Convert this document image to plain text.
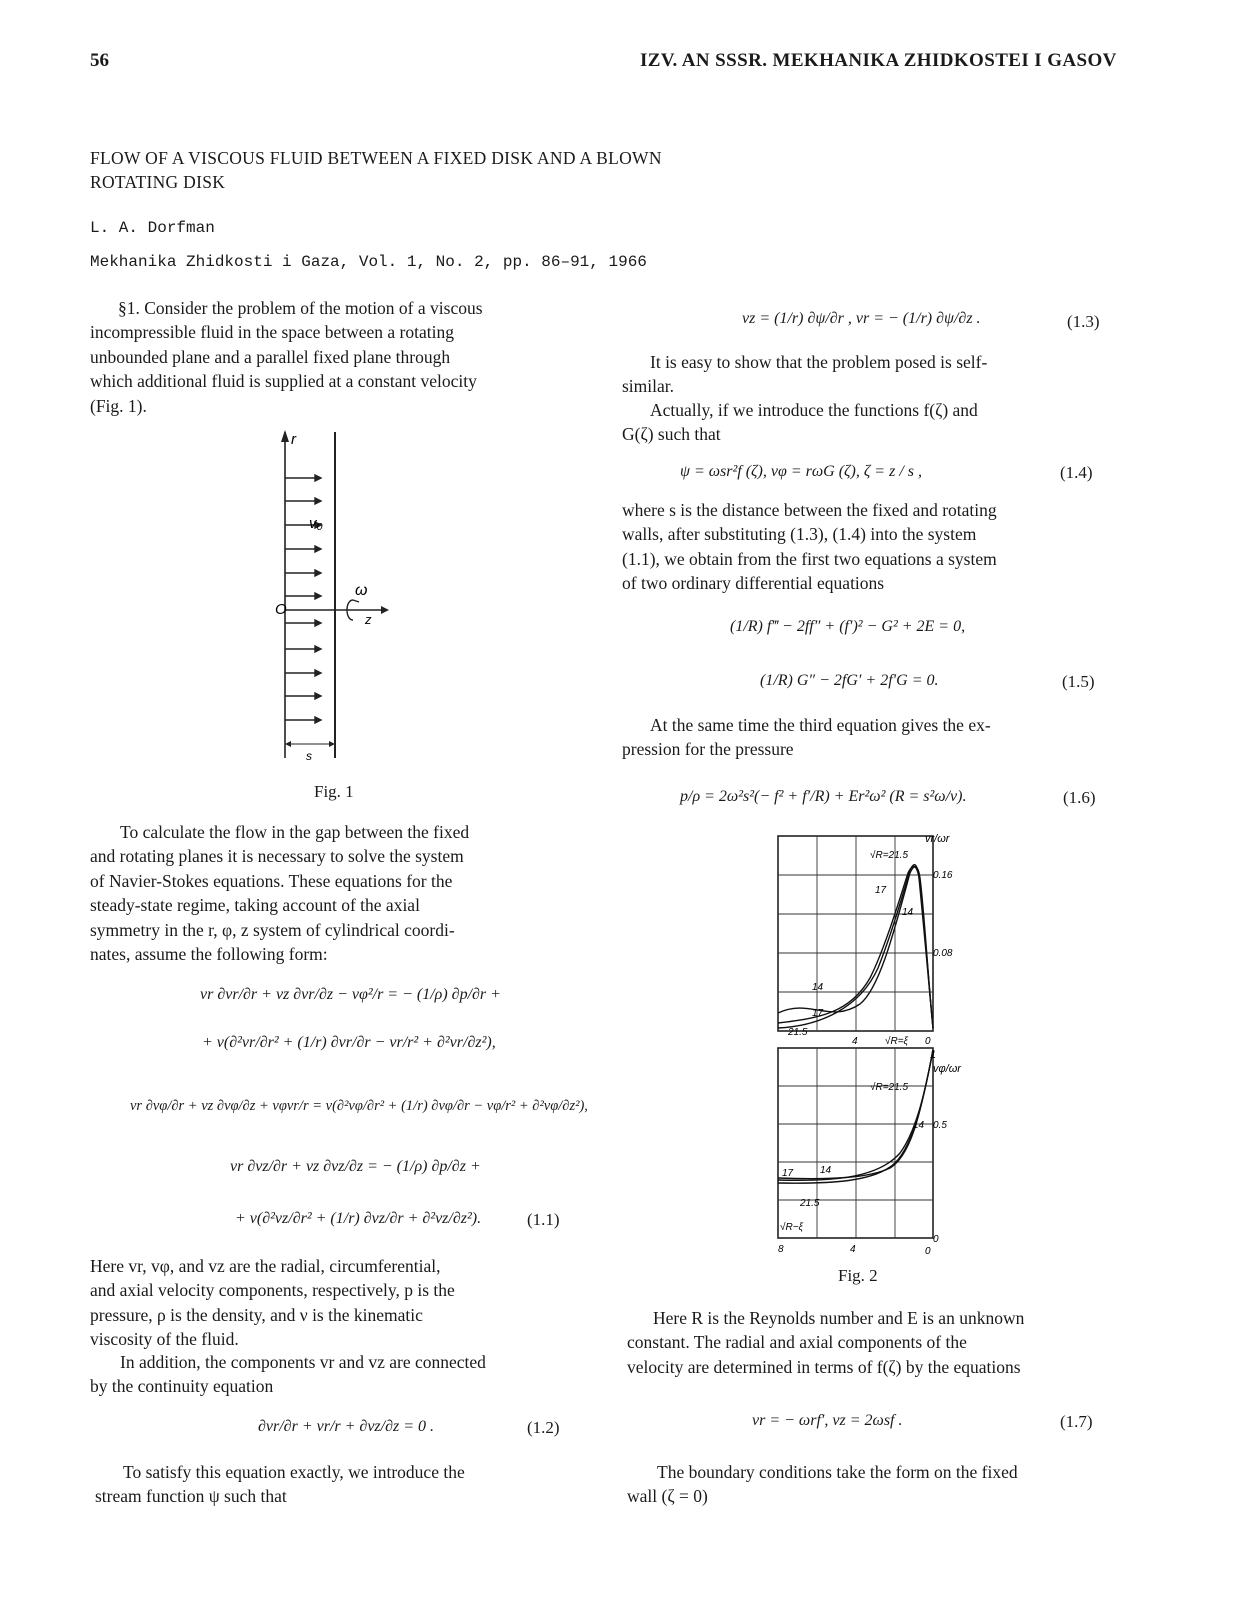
56	IZV. AN SSSR. MEKHANIKA ZHIDKOSTEI I GASOV
FLOW OF A VISCOUS FLUID BETWEEN A FIXED DISK AND A BLOWN
ROTATING DISK
L. A. Dorfman
Mekhanika Zhidkosti i Gaza, Vol. 1, No. 2, pp. 86–91, 1966
§1. Consider the problem of the motion of a viscous
incompressible fluid in the space between a rotating
unbounded plane and a parallel fixed plane through
which additional fluid is supplied at a constant velocity
(Fig. 1).
r
v₀
ω
O
z
s
Fig. 1
To calculate the flow in the gap between the fixed
and rotating planes it is necessary to solve the system
of Navier-Stokes equations. These equations for the
steady-state regime, taking account of the axial
symmetry in the r, φ, z system of cylindrical coordi-
nates, assume the following form:
vr ∂vr/∂r + vz ∂vr/∂z − vφ²/r = − (1/ρ) ∂p/∂r +
+ ν(∂²vr/∂r² + (1/r) ∂vr/∂r − vr/r² + ∂²vr/∂z²),
vr ∂vφ/∂r + vz ∂vφ/∂z + vφvr/r = ν(∂²vφ/∂r² + (1/r) ∂vφ/∂r − vφ/r² + ∂²vφ/∂z²),
vr ∂vz/∂r + vz ∂vz/∂z = − (1/ρ) ∂p/∂z +
+ ν(∂²vz/∂r² + (1/r) ∂vz/∂r + ∂²vz/∂z²).	(1.1)
Here vr, vφ, and vz are the radial, circumferential,
and axial velocity components, respectively, p is the
pressure, ρ is the density, and ν is the kinematic
viscosity of the fluid.
In addition, the components vr and vz are connected
by the continuity equation
∂vr/∂r + vr/r + ∂vz/∂z = 0 .	(1.2)
To satisfy this equation exactly, we introduce the
stream function ψ such that
vz = (1/r) ∂ψ/∂r , vr = − (1/r) ∂ψ/∂z .	(1.3)
It is easy to show that the problem posed is self-
similar.
Actually, if we introduce the functions f(ζ) and
G(ζ) such that
ψ = ωsr²f (ζ), vφ = rωG (ζ), ζ = z / s ,	(1.4)
where s is the distance between the fixed and rotating
walls, after substituting (1.3), (1.4) into the system
(1.1), we obtain from the first two equations a system
of two ordinary differential equations
(1/R) f‴ − 2ff″ + (f′)² − G² + 2E = 0,
(1/R) G″ − 2fG′ + 2f′G = 0.	(1.5)
At the same time the third equation gives the ex-
pression for the pressure
p/ρ = 2ω²s²(− f² + f′/R) + Er²ω² (R = s²ω/ν).	(1.6)
vr/ωr
√R=21.5
17
14
0.16
0.08
14
17
21.5
4	√R=ξ 0
1
vφ/ωr
√R=21.5
14 0.5
17	14
21.5
√R−ξ
0
8	4	0
Fig. 2
Here R is the Reynolds number and E is an unknown
constant. The radial and axial components of the
velocity are determined in terms of f(ζ) by the equations
vr = − ωrf′, vz = 2ωsf .	(1.7)
The boundary conditions take the form on the fixed
wall (ζ = 0)
